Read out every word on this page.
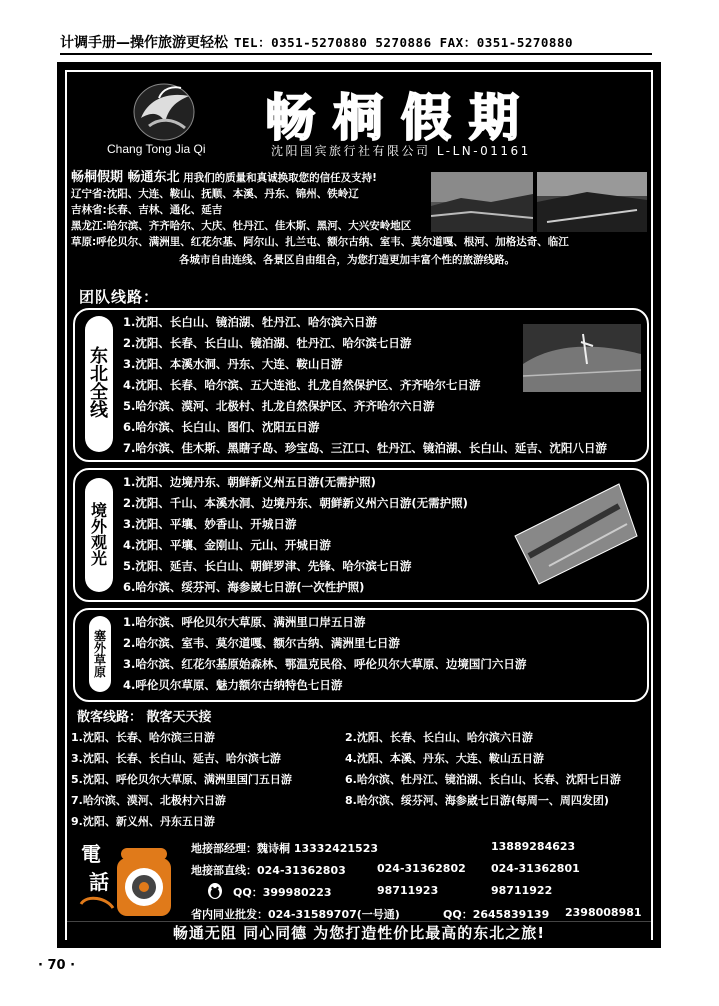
计调手册—操作旅游更轻松 TEL：0351-5270880 5270886 FAX：0351-5270880
Chang Tong Jia Qi
畅桐假期
沈阳国宾旅行社有限公司 L-LN-01161
畅桐假期 畅通东北 用我们的质量和真诚换取您的信任及支持!
辽宁省:沈阳、大连、鞍山、抚顺、本溪、丹东、锦州、铁岭辽
吉林省:长春、吉林、通化、延吉
黑龙江:哈尔滨、齐齐哈尔、大庆、牡丹江、佳木斯、黑河、大兴安岭地区
草原:呼伦贝尔、满洲里、红花尔基、阿尔山、扎兰屯、额尔古纳、室韦、莫尔道嘎、根河、加格达奇、临江
各城市自由连线、各景区自由组合，为您打造更加丰富个性的旅游线路。
团队线路：
东
北
全
线
1.沈阳、长白山、镜泊湖、牡丹江、哈尔滨六日游
2.沈阳、长春、长白山、镜泊湖、牡丹江、哈尔滨七日游
3.沈阳、本溪水洞、丹东、大连、鞍山日游
4.沈阳、长春、哈尔滨、五大连池、扎龙自然保护区、齐齐哈尔七日游
5.哈尔滨、漠河、北极村、扎龙自然保护区、齐齐哈尔六日游
6.哈尔滨、长白山、图们、沈阳五日游
7.哈尔滨、佳木斯、黑瞎子岛、珍宝岛、三江口、牡丹江、镜泊湖、长白山、延吉、沈阳八日游
境
外
观
光
1.沈阳、边境丹东、朝鲜新义州五日游(无需护照)
2.沈阳、千山、本溪水洞、边境丹东、朝鲜新义州六日游(无需护照)
3.沈阳、平壤、妙香山、开城日游
4.沈阳、平壤、金刚山、元山、开城日游
5.沈阳、延吉、长白山、朝鲜罗津、先锋、哈尔滨七日游
6.哈尔滨、绥芬河、海参崴七日游(一次性护照)
塞
外
草
原
1.哈尔滨、呼伦贝尔大草原、满洲里口岸五日游
2.哈尔滨、室韦、莫尔道嘎、额尔古纳、满洲里七日游
3.哈尔滨、红花尔基原始森林、鄂温克民俗、呼伦贝尔大草原、边境国门六日游
4.呼伦贝尔草原、魅力额尔古纳特色七日游
散客线路： 散客天天接
1.沈阳、长春、哈尔滨三日游
3.沈阳、长春、长白山、延吉、哈尔滨七游
5.沈阳、呼伦贝尔大草原、满洲里国门五日游
7.哈尔滨、漠河、北极村六日游
9.沈阳、新义州、丹东五日游
2.沈阳、长春、长白山、哈尔滨六日游
4.沈阳、本溪、丹东、大连、鞍山五日游
6.哈尔滨、牡丹江、镜泊湖、长白山、长春、沈阳七日游
8.哈尔滨、绥芬河、海参崴七日游(每周一、周四发团)
電
話
地接部经理：魏诗桐 13332421523	13889284623
地接部直线：024-31362803	024-31362802 024-31362801
QQ：399980223	98711923	98711922
省内同业批发：024-31589707(一号通)	QQ：2645839139 2398008981
畅通无阻 同心同德 为您打造性价比最高的东北之旅!
· 70 ·
